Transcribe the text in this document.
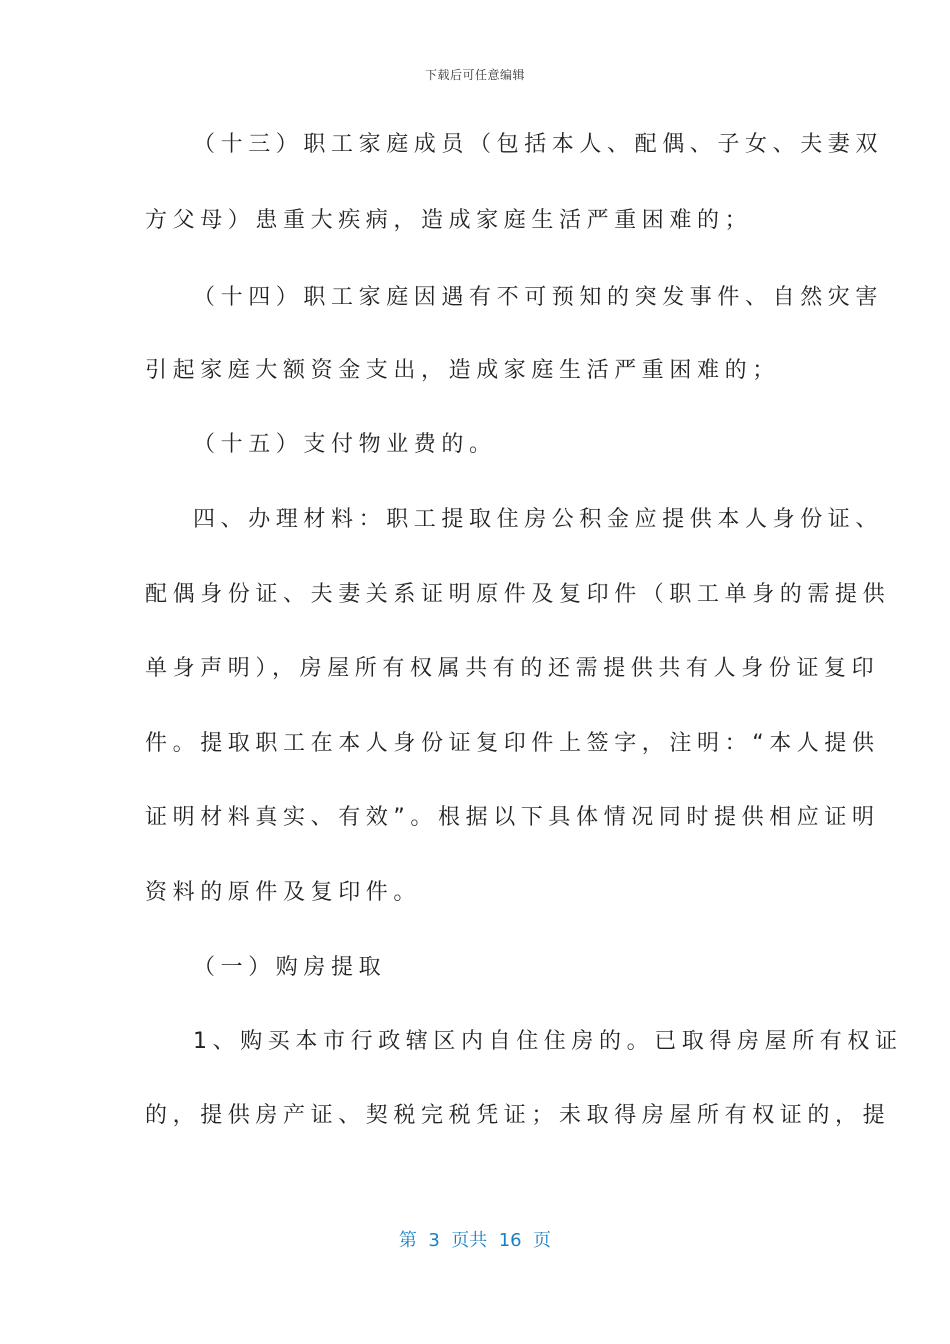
下载后可任意编辑
（十三）职工家庭成员（包括本人、配偶、子女、夫妻双
方父母）患重大疾病，造成家庭生活严重困难的；
（十四）职工家庭因遇有不可预知的突发事件、自然灾害
引起家庭大额资金支出，造成家庭生活严重困难的；
（十五）支付物业费的。
四、办理材料：职工提取住房公积金应提供本人身份证、
配偶身份证、夫妻关系证明原件及复印件（职工单身的需提供
单身声明），房屋所有权属共有的还需提供共有人身份证复印
件。提取职工在本人身份证复印件上签字，注明：“本人提供
证明材料真实、有效”。根据以下具体情况同时提供相应证明
资料的原件及复印件。
（一）购房提取
1、购买本市行政辖区内自住住房的。已取得房屋所有权证
的，提供房产证、契税完税凭证；未取得房屋所有权证的，提
第  3  页共  16  页
